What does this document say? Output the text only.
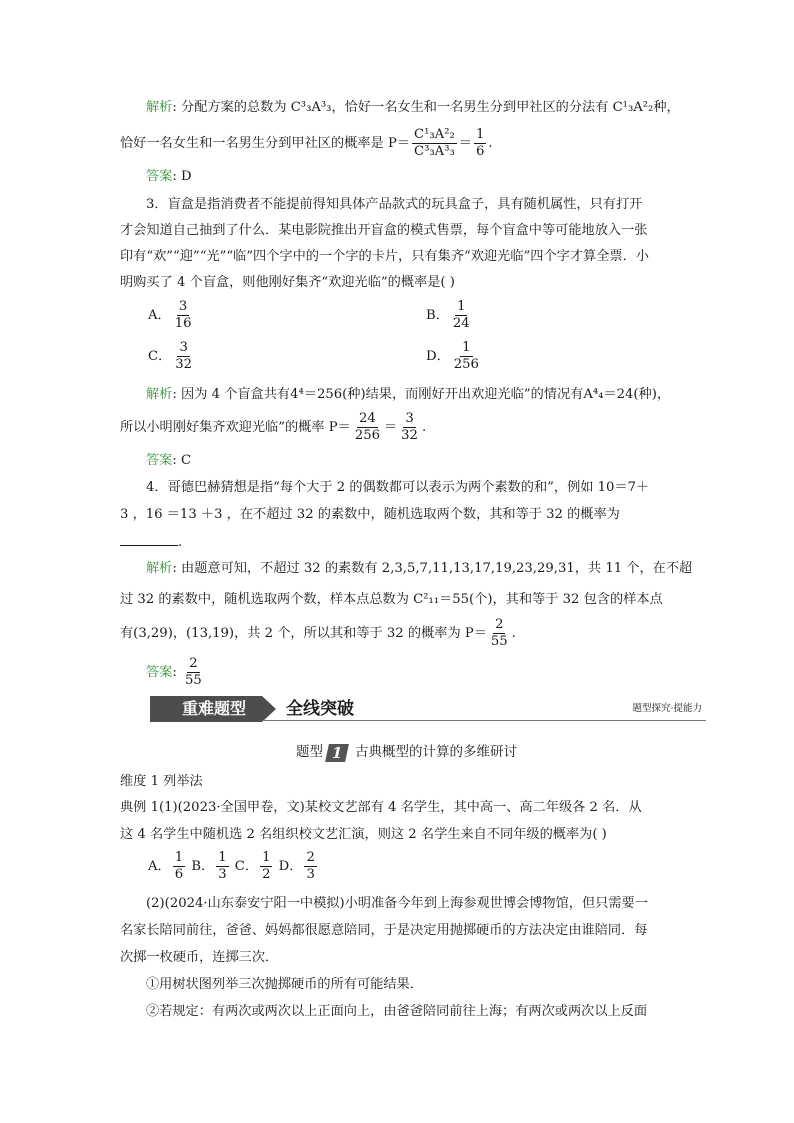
解析: 分配方案的总数为 C³₃A³₃，恰好一名女生和一名男生分到甲社区的分法有 C¹₃A²₂种，
恰好一名女生和一名男生分到甲社区的概率是 $P= \frac{\text{C¹₃A²₂}}{\text{C³₃A³₃}} = \frac{1}{6}$ .
答案: D
3．盲盒是指消费者不能提前得知具体产品款式的玩具盒子，具有随机属性，只有打开
才会知道自己抽到了什么．某电影院推出开盲盒的模式售票，每个盲盒中等可能地放入一张
印有“欢”“迎”“光”“临”四个字中的一个字的卡片，只有集齐“欢迎光临”四个字才算全票．小
明购买了 4 个盲盒，则他刚好集齐“欢迎光临”的概率是( )
A． $\frac{3}{16}$	B． $\frac{1}{24}$
C． $\frac{3}{32}$	D． $\frac{1}{256}$
解析: 因为 4 个盲盒共有4⁴＝256(种)结果，而刚好开出欢迎光临”的情况有A⁴₄＝24(种)，
所以小明刚好集齐欢迎光临”的概率 $P= \frac{24}{256} = \frac{3}{32}$ .
答案: C
4．哥德巴赫猜想是指“每个大于 2 的偶数都可以表示为两个素数的和”，例如 10＝7＋
3 ，16 ＝13 ＋3 ，在不超过 32 的素数中，随机选取两个数，其和等于 32 的概率为
.
解析: 由题意可知，不超过 32 的素数有 2,3,5,7,11,13,17,19,23,29,31，共 11 个，在不超
过 32 的素数中，随机选取两个数，样本点总数为 C²₁₁＝55(个)，其和等于 32 包含的样本点
有(3,29)，(13,19)，共 2 个，所以其和等于 32 的概率为 $P= \frac{2}{55}$ .
答案: $\frac{2}{55}$
重难题型	全线突破	题型探究·提能力
题型 1 古典概型的计算的多维研讨
维度 1 列举法
典例 1(1)(2023·全国甲卷，文)某校文艺部有 4 名学生，其中高一、高二年级各 2 名．从
这 4 名学生中随机选 2 名组织校文艺汇演，则这 2 名学生来自不同年级的概率为( )
A． $\frac{1}{6}$ B． $\frac{1}{3}$ C． $\frac{1}{2}$ D． $\frac{2}{3}$
(2)(2024·山东泰安宁阳一中模拟)小明准备今年到上海参观世博会博物馆，但只需要一
名家长陪同前往，爸爸、妈妈都很愿意陪同，于是决定用抛掷硬币的方法决定由谁陪同．每
次掷一枚硬币，连掷三次．
①用树状图列举三次抛掷硬币的所有可能结果．
②若规定：有两次或两次以上正面向上，由爸爸陪同前往上海；有两次或两次以上反面
